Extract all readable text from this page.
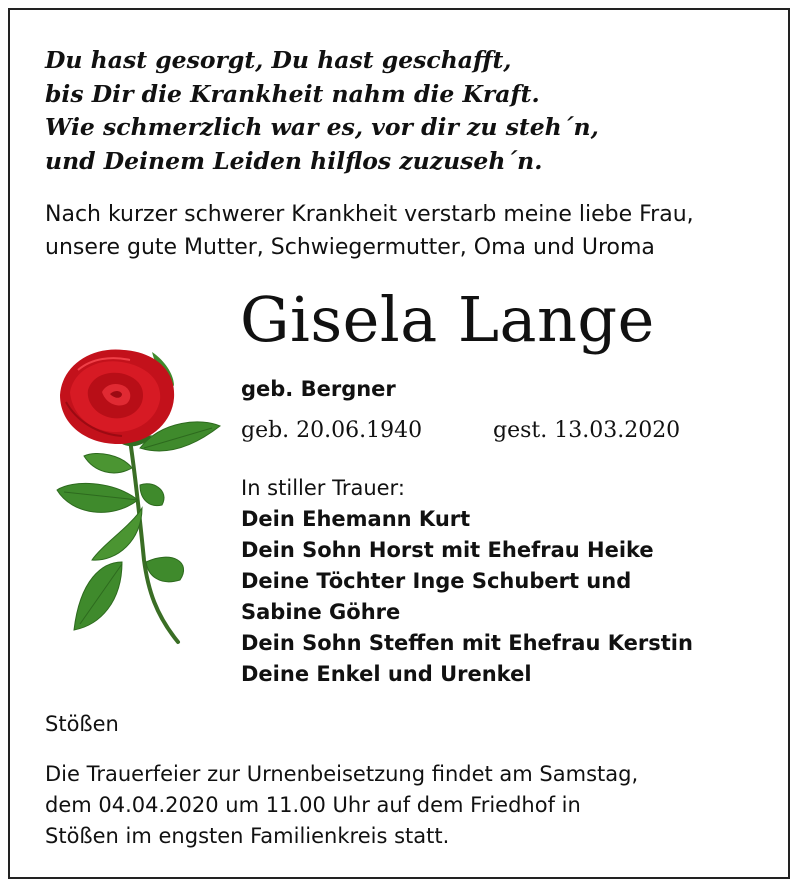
Du hast gesorgt, Du hast geschafft,
bis Dir die Krankheit nahm die Kraft.
Wie schmerzlich war es, vor dir zu steh´n,
und Deinem Leiden hilflos zuzuseh´n.
Nach kurzer schwerer Krankheit verstarb meine liebe Frau,
unsere gute Mutter, Schwiegermutter, Oma und Uroma
Gisela Lange
geb. Bergner
geb. 20.06.1940	gest. 13.03.2020
In stiller Trauer:
Dein Ehemann Kurt
Dein Sohn Horst mit Ehefrau Heike
Deine Töchter Inge Schubert und
Sabine Göhre
Dein Sohn Steffen mit Ehefrau Kerstin
Deine Enkel und Urenkel
Stößen
Die Trauerfeier zur Urnenbeisetzung findet am Samstag,
dem 04.04.2020 um 11.00 Uhr auf dem Friedhof in
Stößen im engsten Familienkreis statt.
